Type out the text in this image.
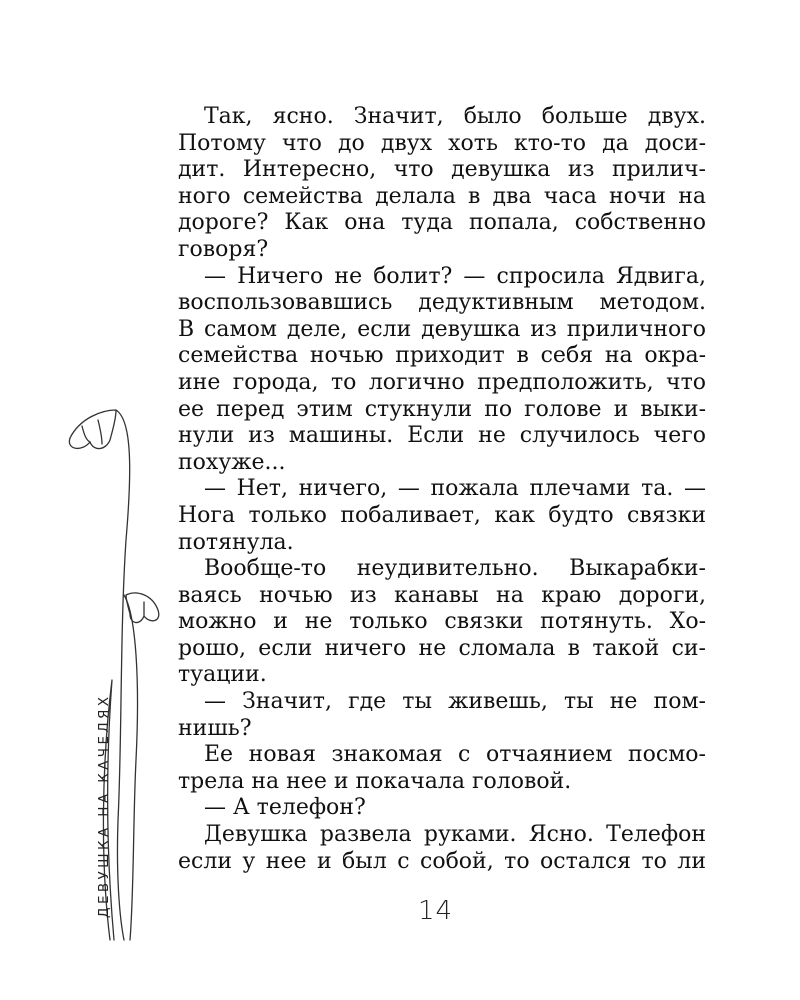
ДЕВУШКА НА КАЧЕЛЯХ
Так, ясно. Значит, было больше двух.
Потому что до двух хоть кто-то да доси-
дит. Интересно, что девушка из прилич-
ного семейства делала в два часа ночи на
дороге? Как она туда попала, собственно
говоря?
— Ничего не болит? — спросила Ядвига,
воспользовавшись дедуктивным методом.
В самом деле, если девушка из приличного
семейства ночью приходит в себя на окра-
ине города, то логично предположить, что
ее перед этим стукнули по голове и выки-
нули из машины. Если не случилось чего
похуже...
— Нет, ничего, — пожала плечами та. —
Нога только побаливает, как будто связки
потянула.
Вообще-то неудивительно. Выкарабки-
ваясь ночью из канавы на краю дороги,
можно и не только связки потянуть. Хо-
рошо, если ничего не сломала в такой си-
туации.
— Значит, где ты живешь, ты не пом-
нишь?
Ее новая знакомая с отчаянием посмо-
трела на нее и покачала головой.
— А телефон?
Девушка развела руками. Ясно. Телефон
если у нее и был с собой, то остался то ли
14
